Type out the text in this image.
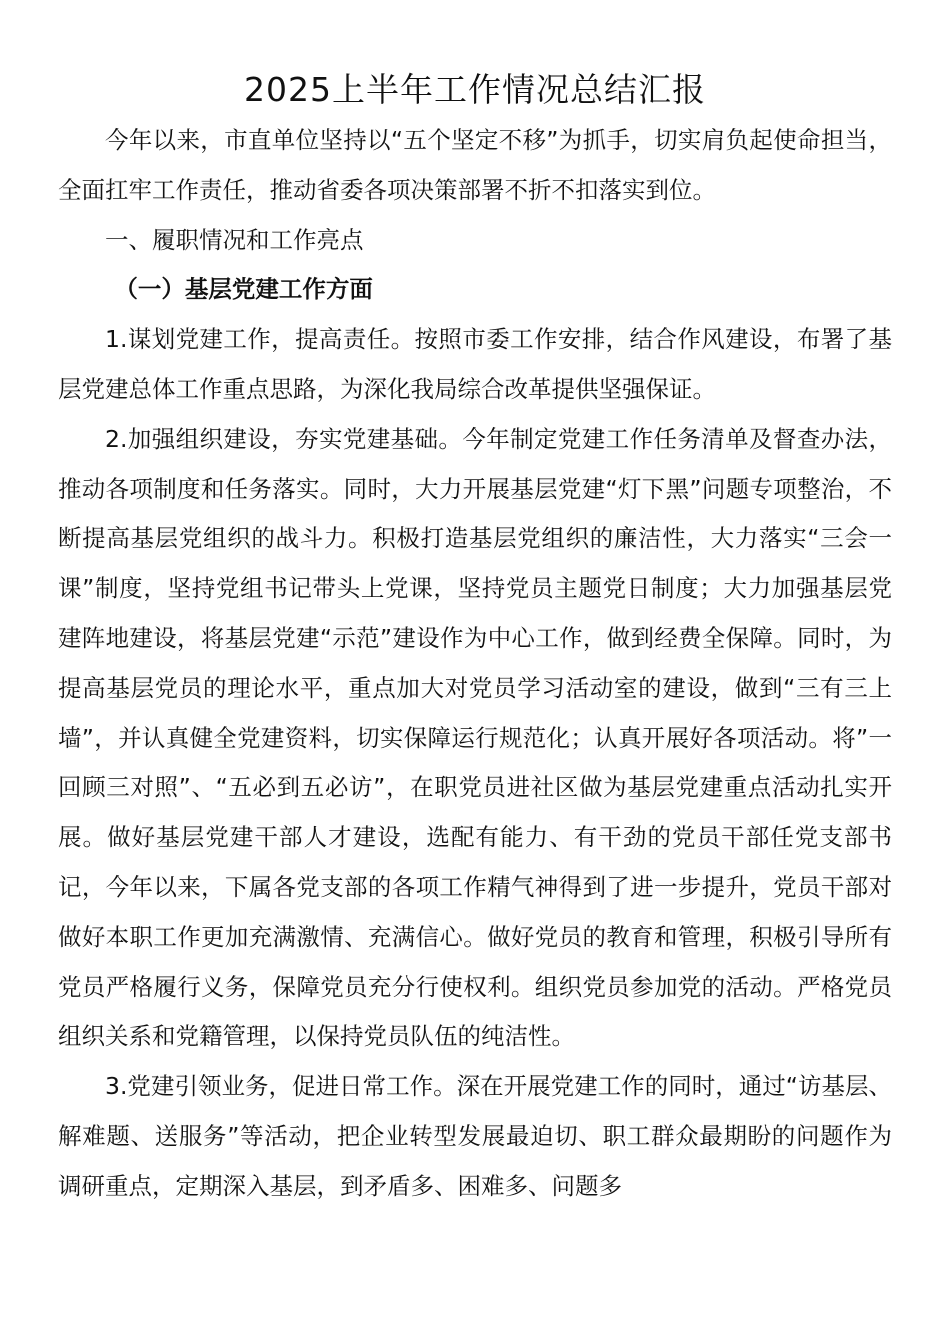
2025上半年工作情况总结汇报

今年以来，市直单位坚持以“五个坚定不移”为抓手，切实肩负起使命担当，全面扛牢工作责任，推动省委各项决策部署不折不扣落实到位。

一、履职情况和工作亮点

（一）基层党建工作方面

1.谋划党建工作，提高责任。按照市委工作安排，结合作风建设，布署了基层党建总体工作重点思路，为深化我局综合改革提供坚强保证。

2.加强组织建设，夯实党建基础。今年制定党建工作任务清单及督查办法，推动各项制度和任务落实。同时，大力开展基层党建“灯下黑”问题专项整治，不断提高基层党组织的战斗力。积极打造基层党组织的廉洁性，大力落实“三会一课”制度，坚持党组书记带头上党课，坚持党员主题党日制度；大力加强基层党建阵地建设，将基层党建“示范”建设作为中心工作，做到经费全保障。同时，为提高基层党员的理论水平，重点加大对党员学习活动室的建设，做到“三有三上墙”，并认真健全党建资料，切实保障运行规范化；认真开展好各项活动。将”一回顾三对照”、“五必到五必访”，在职党员进社区做为基层党建重点活动扎实开展。做好基层党建干部人才建设，选配有能力、有干劲的党员干部任党支部书记，今年以来，下属各党支部的各项工作精气神得到了进一步提升，党员干部对做好本职工作更加充满激情、充满信心。做好党员的教育和管理，积极引导所有党员严格履行义务，保障党员充分行使权利。组织党员参加党的活动。严格党员组织关系和党籍管理，以保持党员队伍的纯洁性。

3.党建引领业务，促进日常工作。深在开展党建工作的同时，通过“访基层、解难题、送服务”等活动，把企业转型发展最迫切、职工群众最期盼的问题作为调研重点，定期深入基层，到矛盾多、困难多、问题多
